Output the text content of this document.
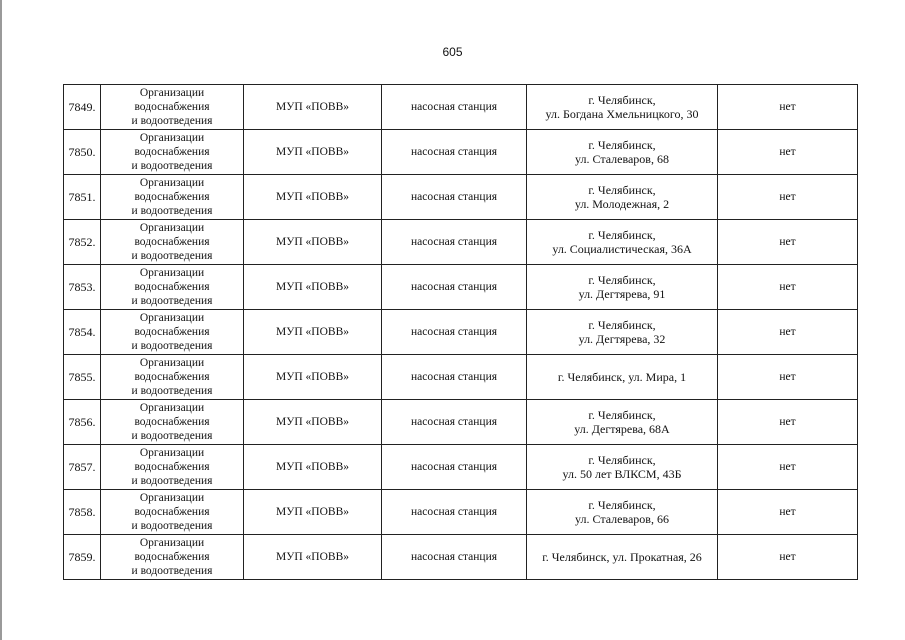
605
7849.	Организации
водоснабжения
и водоотведения	МУП «ПОВВ»	насосная станция	г. Челябинск,
ул. Богдана Хмельницкого, 30	нет
7850.	Организации
водоснабжения
и водоотведения	МУП «ПОВВ»	насосная станция	г. Челябинск,
ул. Сталеваров, 68	нет
7851.	Организации
водоснабжения
и водоотведения	МУП «ПОВВ»	насосная станция	г. Челябинск,
ул. Молодежная, 2	нет
7852.	Организации
водоснабжения
и водоотведения	МУП «ПОВВ»	насосная станция	г. Челябинск,
ул. Социалистическая, 36А	нет
7853.	Организации
водоснабжения
и водоотведения	МУП «ПОВВ»	насосная станция	г. Челябинск,
ул. Дегтярева, 91	нет
7854.	Организации
водоснабжения
и водоотведения	МУП «ПОВВ»	насосная станция	г. Челябинск,
ул. Дегтярева, 32	нет
7855.	Организации
водоснабжения
и водоотведения	МУП «ПОВВ»	насосная станция	г. Челябинск, ул. Мира, 1	нет
7856.	Организации
водоснабжения
и водоотведения	МУП «ПОВВ»	насосная станция	г. Челябинск,
ул. Дегтярева, 68А	нет
7857.	Организации
водоснабжения
и водоотведения	МУП «ПОВВ»	насосная станция	г. Челябинск,
ул. 50 лет ВЛКСМ, 43Б	нет
7858.	Организации
водоснабжения
и водоотведения	МУП «ПОВВ»	насосная станция	г. Челябинск,
ул. Сталеваров, 66	нет
7859.	Организации
водоснабжения
и водоотведения	МУП «ПОВВ»	насосная станция	г. Челябинск, ул. Прокатная, 26	нет
